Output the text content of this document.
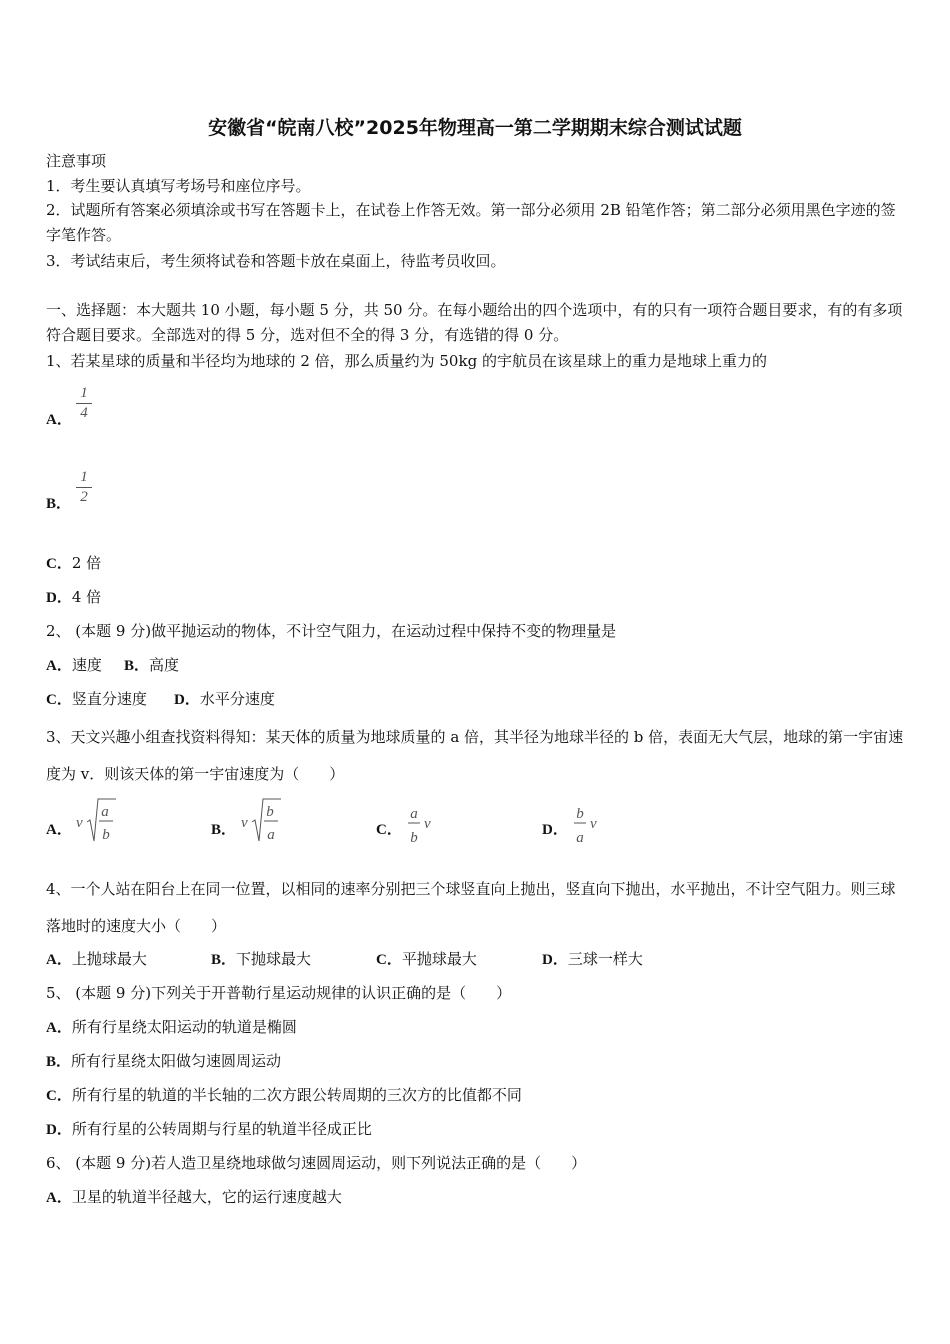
安徽省“皖南八校”2025年物理高一第二学期期末综合测试试题
注意事项
1．考生要认真填写考场号和座位序号。
2．试题所有答案必须填涂或书写在答题卡上，在试卷上作答无效。第一部分必须用 2B 铅笔作答；第二部分必须用黑色字迹的签字笔作答。
3．考试结束后，考生须将试卷和答题卡放在桌面上，待监考员收回。
一、选择题：本大题共 10 小题，每小题 5 分，共 50 分。在每小题给出的四个选项中，有的只有一项符合题目要求，有的有多项符合题目要求。全部选对的得 5 分，选对但不全的得 3 分，有选错的得 0 分。
1、若某星球的质量和半径均为地球的 2 倍，那么质量约为 50kg 的宇航员在该星球上的重力是地球上重力的
A．
1
4
B．
1
2
C．2 倍
D．4 倍
2、 (本题 9 分)做平抛运动的物体，不计空气阻力，在运动过程中保持不变的物理量是
A．速度 B．高度
C．竖直分速度 D．水平分速度
3、天文兴趣小组查找资料得知：某天体的质量为地球质量的 a 倍，其半径为地球半径的 b 倍，表面无大气层，地球的第一宇宙速度为 v．则该天体的第一宇宙速度为（　　）
A． v
a
b	B． v
b
a	C．
a
b
v	D．
b
a
v
4、一个人站在阳台上在同一位置，以相同的速率分别把三个球竖直向上抛出，竖直向下抛出，水平抛出，不计空气阻力。则三球落地时的速度大小（　　）
A．上抛球最大	B．下抛球最大	C．平抛球最大	D．三球一样大
5、 (本题 9 分)下列关于开普勒行星运动规律的认识正确的是（　　）
A．所有行星绕太阳运动的轨道是椭圆
B．所有行星绕太阳做匀速圆周运动
C．所有行星的轨道的半长轴的二次方跟公转周期的三次方的比值都不同
D．所有行星的公转周期与行星的轨道半径成正比
6、 (本题 9 分)若人造卫星绕地球做匀速圆周运动，则下列说法正确的是（　　）
A．卫星的轨道半径越大，它的运行速度越大
